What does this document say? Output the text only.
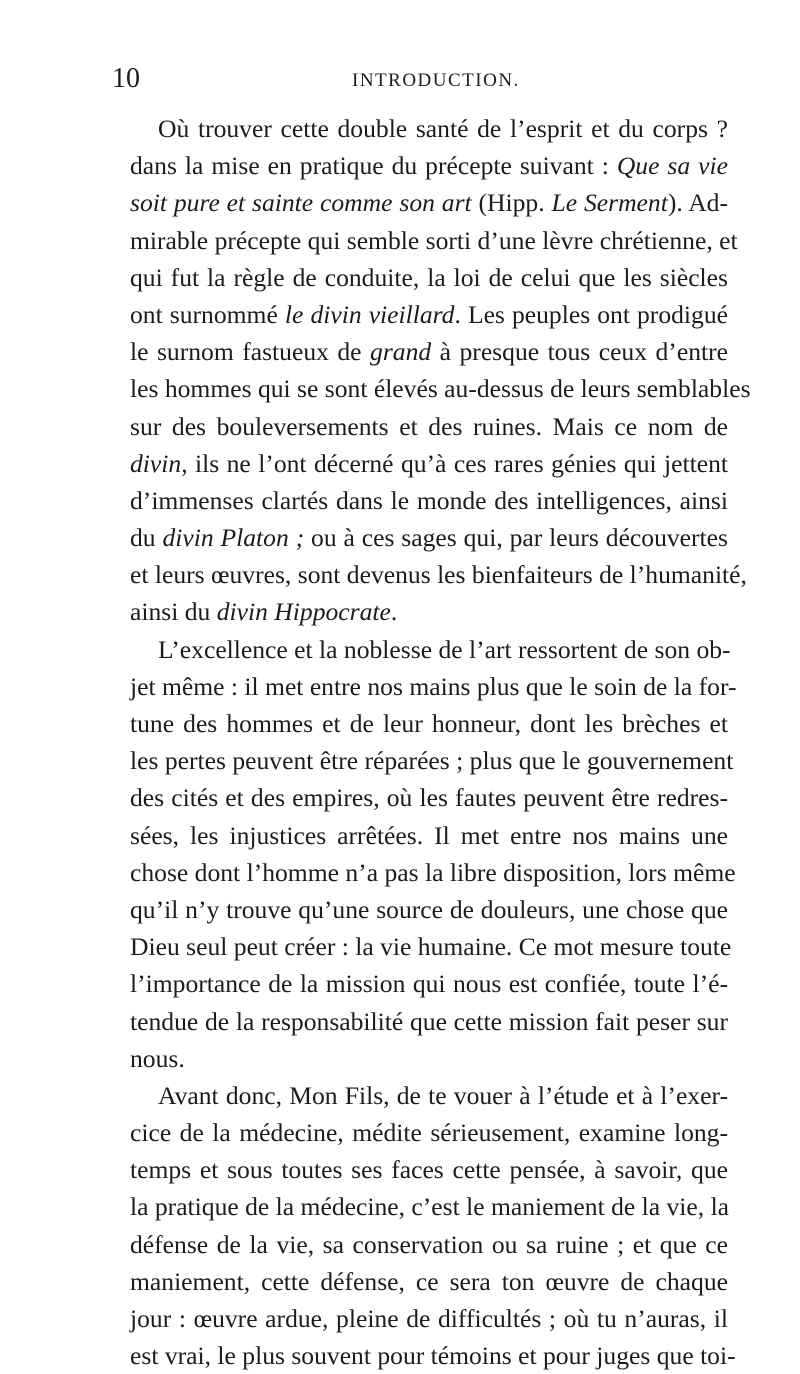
10	INTRODUCTION.
Où trouver cette double santé de l’esprit et du corps ?
dans la mise en pratique du précepte suivant : Que sa vie
soit pure et sainte comme son art (Hipp. Le Serment). Ad-
mirable précepte qui semble sorti d’une lèvre chrétienne, et
qui fut la règle de conduite, la loi de celui que les siècles
ont surnommé le divin vieillard. Les peuples ont prodigué
le surnom fastueux de grand à presque tous ceux d’entre
les hommes qui se sont élevés au-dessus de leurs semblables
sur des bouleversements et des ruines. Mais ce nom de
divin, ils ne l’ont décerné qu’à ces rares génies qui jettent
d’immenses clartés dans le monde des intelligences, ainsi
du divin Platon ; ou à ces sages qui, par leurs découvertes
et leurs œuvres, sont devenus les bienfaiteurs de l’humanité,
ainsi du divin Hippocrate.
L’excellence et la noblesse de l’art ressortent de son ob-
jet même : il met entre nos mains plus que le soin de la for-
tune des hommes et de leur honneur, dont les brèches et
les pertes peuvent être réparées ; plus que le gouvernement
des cités et des empires, où les fautes peuvent être redres-
sées, les injustices arrêtées. Il met entre nos mains une
chose dont l’homme n’a pas la libre disposition, lors même
qu’il n’y trouve qu’une source de douleurs, une chose que
Dieu seul peut créer : la vie humaine. Ce mot mesure toute
l’importance de la mission qui nous est confiée, toute l’é-
tendue de la responsabilité que cette mission fait peser sur
nous.
Avant donc, Mon Fils, de te vouer à l’étude et à l’exer-
cice de la médecine, médite sérieusement, examine long-
temps et sous toutes ses faces cette pensée, à savoir, que
la pratique de la médecine, c’est le maniement de la vie, la
défense de la vie, sa conservation ou sa ruine ; et que ce
maniement, cette défense, ce sera ton œuvre de chaque
jour : œuvre ardue, pleine de difficultés ; où tu n’auras, il
est vrai, le plus souvent pour témoins et pour juges que toi-
